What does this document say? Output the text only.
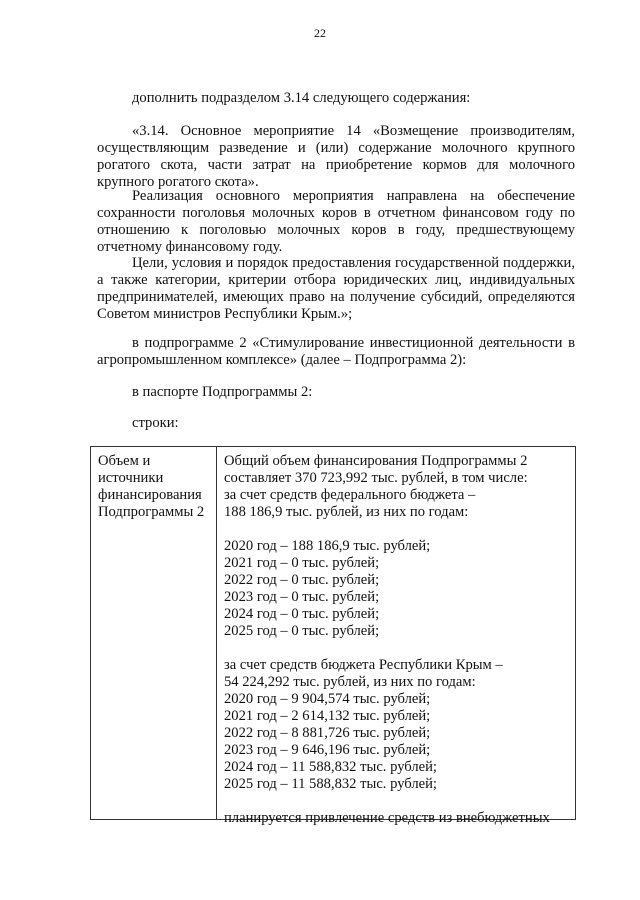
22

дополнить подразделом 3.14 следующего содержания:

«3.14. Основное мероприятие 14 «Возмещение производителям, осуществляющим разведение и (или) содержание молочного крупного рогатого скота, части затрат на приобретение кормов для молочного крупного рогатого скота».

Реализация основного мероприятия направлена на обеспечение сохранности поголовья молочных коров в отчетном финансовом году по отношению к поголовью молочных коров в году, предшествующему отчетному финансовому году.

Цели, условия и порядок предоставления государственной поддержки, а также категории, критерии отбора юридических лиц, индивидуальных предпринимателей, имеющих право на получение субсидий, определяются Советом министров Республики Крым.»;

в подпрограмме 2 «Стимулирование инвестиционной деятельности в агропромышленном комплексе» (далее – Подпрограмма 2):

в паспорте Подпрограммы 2:

строки:

Объем и
источники
финансирования
Подпрограммы 2
Общий объем финансирования Подпрограммы 2
составляет 370 723,992 тыс. рублей, в том числе:
за счет средств федерального бюджета –
188 186,9 тыс. рублей, из них по годам:
2020 год – 188 186,9 тыс. рублей;
2021 год – 0 тыс. рублей;
2022 год – 0 тыс. рублей;
2023 год – 0 тыс. рублей;
2024 год – 0 тыс. рублей;
2025 год – 0 тыс. рублей;
за счет средств бюджета Республики Крым –
54 224,292 тыс. рублей, из них по годам:
2020 год – 9 904,574 тыс. рублей;
2021 год – 2 614,132 тыс. рублей;
2022 год – 8 881,726 тыс. рублей;
2023 год – 9 646,196 тыс. рублей;
2024 год – 11 588,832 тыс. рублей;
2025 год – 11 588,832 тыс. рублей;
планируется привлечение средств из внебюджетных
